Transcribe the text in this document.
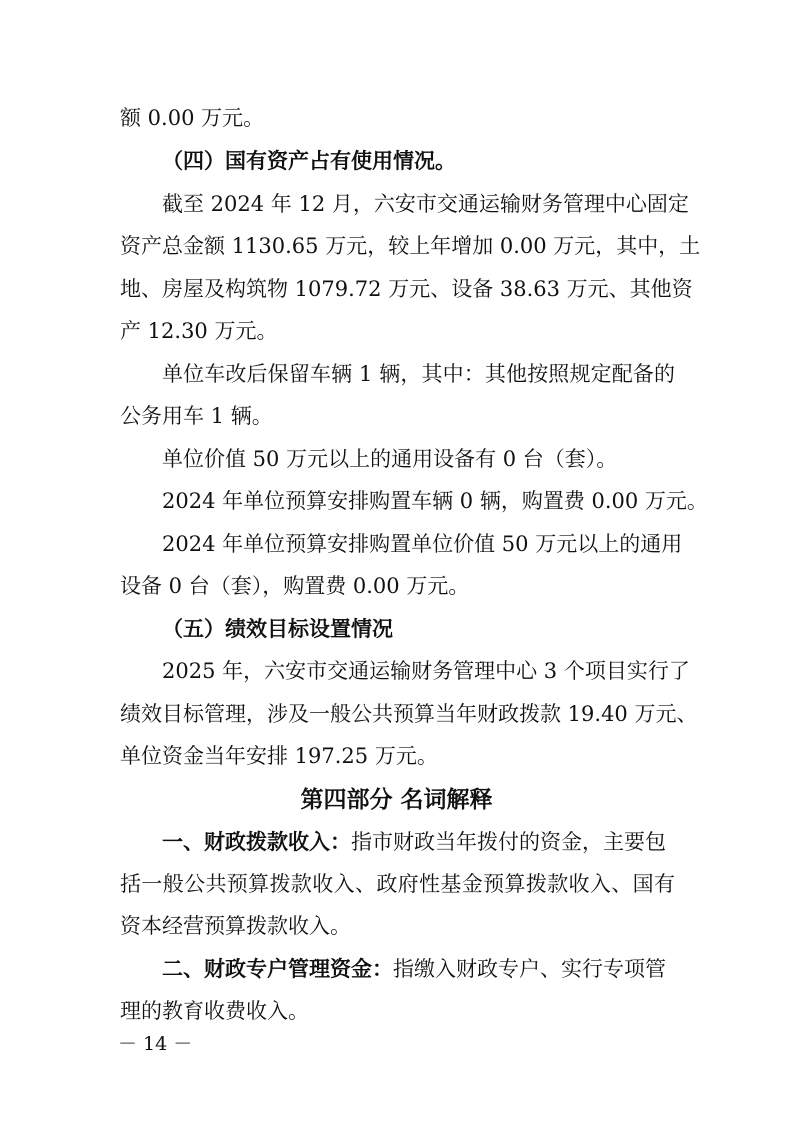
额 0.00 万元。
（四）国有资产占有使用情况。
截至 2024 年 12 月，六安市交通运输财务管理中心固定
资产总金额 1130.65 万元，较上年增加 0.00 万元，其中，土
地、房屋及构筑物 1079.72 万元、设备 38.63 万元、其他资
产 12.30 万元。
单位车改后保留车辆 1 辆，其中：其他按照规定配备的
公务用车 1 辆。
单位价值 50 万元以上的通用设备有 0 台（套）。
2024 年单位预算安排购置车辆 0 辆，购置费 0.00 万元。
2024 年单位预算安排购置单位价值 50 万元以上的通用
设备 0 台（套），购置费 0.00 万元。
（五）绩效目标设置情况
2025 年，六安市交通运输财务管理中心 3 个项目实行了
绩效目标管理，涉及一般公共预算当年财政拨款 19.40 万元、
单位资金当年安排 197.25 万元。
第四部分 名词解释
一、财政拨款收入：指市财政当年拨付的资金，主要包
括一般公共预算拨款收入、政府性基金预算拨款收入、国有
资本经营预算拨款收入。
－ 14 －
二、财政专户管理资金：指缴入财政专户、实行专项管
理的教育收费收入。
